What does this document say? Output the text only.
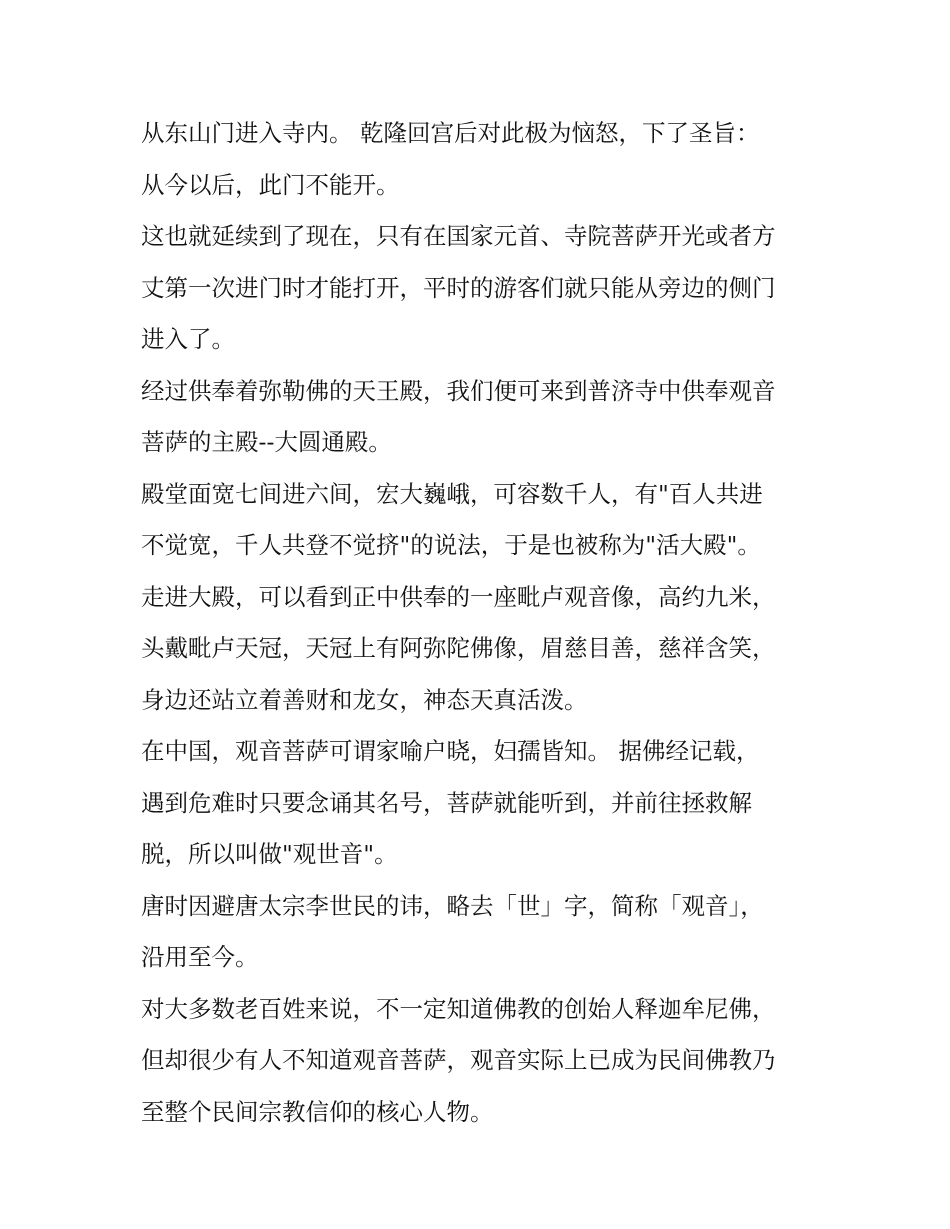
从东山门进入寺内。 乾隆回宫后对此极为恼怒，下了圣旨：
从今以后，此门不能开。
这也就延续到了现在，只有在国家元首、寺院菩萨开光或者方
丈第一次进门时才能打开，平时的游客们就只能从旁边的侧门
进入了。
经过供奉着弥勒佛的天王殿，我们便可来到普济寺中供奉观音
菩萨的主殿--大圆通殿。
殿堂面宽七间进六间，宏大巍峨，可容数千人，有"百人共进
不觉宽，千人共登不觉挤"的说法，于是也被称为"活大殿"。
走进大殿，可以看到正中供奉的一座毗卢观音像，高约九米，
头戴毗卢天冠，天冠上有阿弥陀佛像，眉慈目善，慈祥含笑，
身边还站立着善财和龙女，神态天真活泼。
在中国，观音菩萨可谓家喻户晓，妇孺皆知。 据佛经记载，
遇到危难时只要念诵其名号，菩萨就能听到，并前往拯救解
脱，所以叫做"观世音"。
唐时因避唐太宗李世民的讳，略去「世」字，简称「观音」，
沿用至今。
对大多数老百姓来说，不一定知道佛教的创始人释迦牟尼佛，
但却很少有人不知道观音菩萨，观音实际上已成为民间佛教乃
至整个民间宗教信仰的核心人物。
